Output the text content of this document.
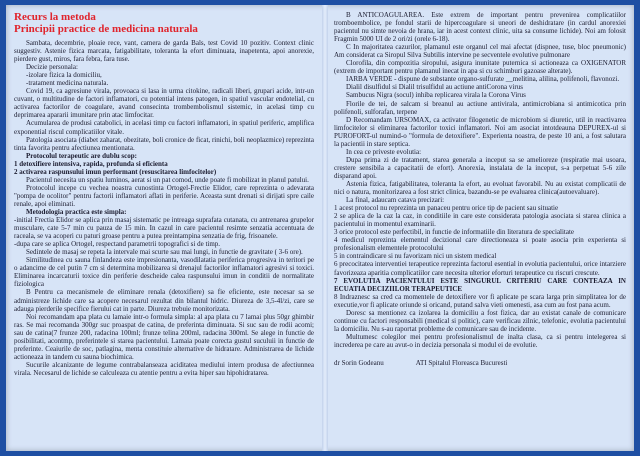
Recurs la metoda
Principii practice de medicina naturala

Sambata, decembrie, ploaie rece, vant, camera de garda Bals, test Covid 10 pozitiv. Context clinic suggestiv. Astenie fizica marcata, fatigabilitate, toleranta la efort diminuata, inapetenta, apoi anorexie, pierdere gust, miros, fara febra, fara tuse.

Decizie personala:

-izolare fizica la domiciliu,

-tratament medicina naturala.

Covid 19, ca agresiune virala, provoaca si lasa in urma citokine, radicali liberi, grupari acide, intr-un cuvant, o multitudine de factori inflamatori, cu potential intens patogen, in spatiul vascular endotelial, cu activarea factorilor de coagulare, avand consecinta trombembolismul sistemic, in acelasi timp cu deprimarea apararii imunitare prin atac limfocitar.

Acumularea de produsi catabolici, in acelasi timp cu factori inflamatori, in spatiul periferic, amplifica exponential riscul complicatiilor vitale.

Patologia asociata (diabet zaharat, obezitate, boli cronice de ficat, rinichi, boli neoplazmice) reprezinta tinta favorita pentru afectiunea mentionata.

Protocolul terapeutic are dublu scop:

1 detoxifiere intensiva, rapida, profunda si eficienta

2 activarea raspunsului imun performant (resuscitarea limfocitelor)

Pacientul necesita un spatiu luminos, aerat si un pat comod, unde poate fi mobilizat in planul patului.

Protocolul incepe cu vechea noastra cunostinta Ortogel-Frectie Elidor, care reprezinta o adevarata "pompa de ocolitor" pentru factorii inflamatori aflati in periferie. Aceasta sunt drenati si dirijati spre caile renale, apoi eliminati.

Metodologia practica este simpla:

-initial Frectia Elidor se aplica prin masaj sistematic pe intreaga suprafata cutanata, cu antrenarea grupelor musculare, cate 5-7 min cu pauza de 15 min. In cazul in care pacientul resimte senzatia accentuata de raceala, se va acoperi cu paturi groase pentru a putea preintampina senzatia de frig, frisoanele.

-dupa care se aplica Ortogel, respectand parametrii topografici si de timp.

Sedintele de masaj se repeta la intervale mai scurte sau mai lungi, in functie de gravitate ( 3-6 ore).

Similitudinea cu sauna finlandeza este impresionanta, vasodilatatia periferica progresiva in teritori pe o adancime de cel putin 7 cm si determina mobilizarea si drenajul factorilor inflamatori agresivi si toxici. Eliminarea incarcaturii toxice din periferie descheide calea raspunsului imun in conditii de normalitate fiziologica

B Pentru ca mecanismele de eliminare renala (detoxifiere) sa fie eficiente, este necesar sa se administreze lichide care sa acopere necesarul rezultat din bilantul hidric. Diureza de 3,5-4l/zi, care se adauga pierderile specifice fierului cat in parte. Diureza trebuie monitorizata.

Noi recomandam apa plata cu lamaie intr-o formula simpla: al apa plata cu 7 lamai plus 50gr ghimbir ras. Se mai recomanda 300gr suc proaspat de catina, de preferinta diminuata. Si suc sau de rodii acomi; sau de catina(7 frunze 200, radacina 100ml; frunze telina 200ml, radacina 300ml. Se alege in functie de posibilitati, acontmp, preferintele si starea pacientului. Lamaia poate corecta gustul suculuii in functie de preferinte. Ceaiurile de soc, patlagina, menta constituie alternative de hidratare. Administrarea de lichide actioneaza in tandem cu sauna biochimica.

Sucurile alcanizante de legume contrabalanseaza aciditatea mediului intern produsa de afectiunnea virala. Necesarul de lichide se calculeaza cu atentie pentru a evita hiper sau hipohidratarea.

B ANTICOAGULAREA. Este extrem de important pentru prevenirea complicatiilor tromboembolice, pe fondul starii de hipercoagulare si uneori de deshidratare (in cardul anorexiei pacientul nu simte nevoia de hrana, iar in acest context clinic, uita sa consume lichide). Noi am folosit Fragmin 5000 UI de 2 ori/zi (orele 6-18).

C In majoritatea cazurilor, plamanul este organul cel mai afectat (dispnee, tuse, bloc pneumonic) Am considerat ca Siropul Silva Subtilis intervine pe secventele evolutive pulmonare

Clorofila, din compozitia siropului, asigura inunitate puternica si actioneaza ca OXIGENATOR (extrem de important pentru plamanul inecat in apa si cu schimburi gazoase alterate).

IARBA VERDE - dispune de substante organo-sulfurate __melitina, alilina, polifenoli, flavonozi.

Dialil disulfidul si Dialil trisulfidul au actiune antiCorona virus

Sambucus Nigra (socul) inhiba replicarea virala la Corona Virus

Florile de tei, de salcam si breanul au actiune antivirala, antimicrobiana si antimicotica prin polifenoli, sulforafan, terpene

D Recomandam URSOMAX, ca activator filogenetic de microbiom si diuretic, util in reactivarea limfocitelor si eliminarea factorilor toxici inflamatori. Noi am asociat intotdeauna DEPUREX-ul si PUROFORT-ul numind-o "formula de detoxifiere". Experienta noastra, de peste 10 ani, a fost salutara la pacientii in stare septica.

In cea ce priveste evolutia:

Dupa prima zi de tratament, starea generala a inceput sa se amelioreze (respiratie mai usoara, crestere sensibila a capacitatii de efort). Anorexia, instalata de la inceput, s-a perpetuat 5-6 zile disparand apoi.

Astenia fizica, fatigabilitatea, toleranta la efort, au evoluat favorabil. Nu au existat complicatii de nici o natura, monitorizarea a fost strict clinica, bazandu-se pe evaluarea clinica(autoevaluare).

La final, adaucam catava precizari:

1 acest protocol nu reprezinta un panaceu pentru orice tip de pacient sau situatie

2 se aplica de la caz la caz, in conditiile in care este considerata patologia asociata si starea clinica a pacientului in momentul examinarii.

3 orice protocol este perfectibil, in functie de informatiile din literatura de specialitate

4 medicul reprezinta elementul decizional care directioneaza si poate asocia prin experienta si profesionalism elementele protocolului

5 in contraindicare si nu favorizam nici un sistem medical

6 precocitatea interventiei terapeutice reprezinta factorul esential in evolutia pacientului, orice intarziere favorizeaza aparitia complicatiilor care necesita ulterior eforturi terapeutice cu riscuri crescute.

7 EVOLUTIA PACIENTULUI ESTE SINGURUL CRITERIU CARE CONTEAZA IN ECUATIA DECIZIILOR TERAPEUTICE

8 Indraznesc sa cred ca momentele de detoxifiere vor fi aplicate pe scara larga prin simplitatea lor de executie,vor fi aplicate oriunde si oricand, putand salva vieti omenesti, asa cum au fost pana acum.

Doresc sa mentionez ca izolarea la domiciliu a fost fizica, dar au existat canale de comunicare continue cu factori responsabili (medical si politic), care verificau zilnic, telefonic, evolutia pacientului la domiciliu. Nu s-au raportat probleme de comunicare sau de incidente.

Multumesc colegilor mei pentru profesionalismul de inalta clasa, ca si pentru intelegerea si increderea pe care au avut-o in decizia personala si modul ei de evolutie.

dr Sorin Godeanu	ATI Spitalul Floreasca Bucuresti
